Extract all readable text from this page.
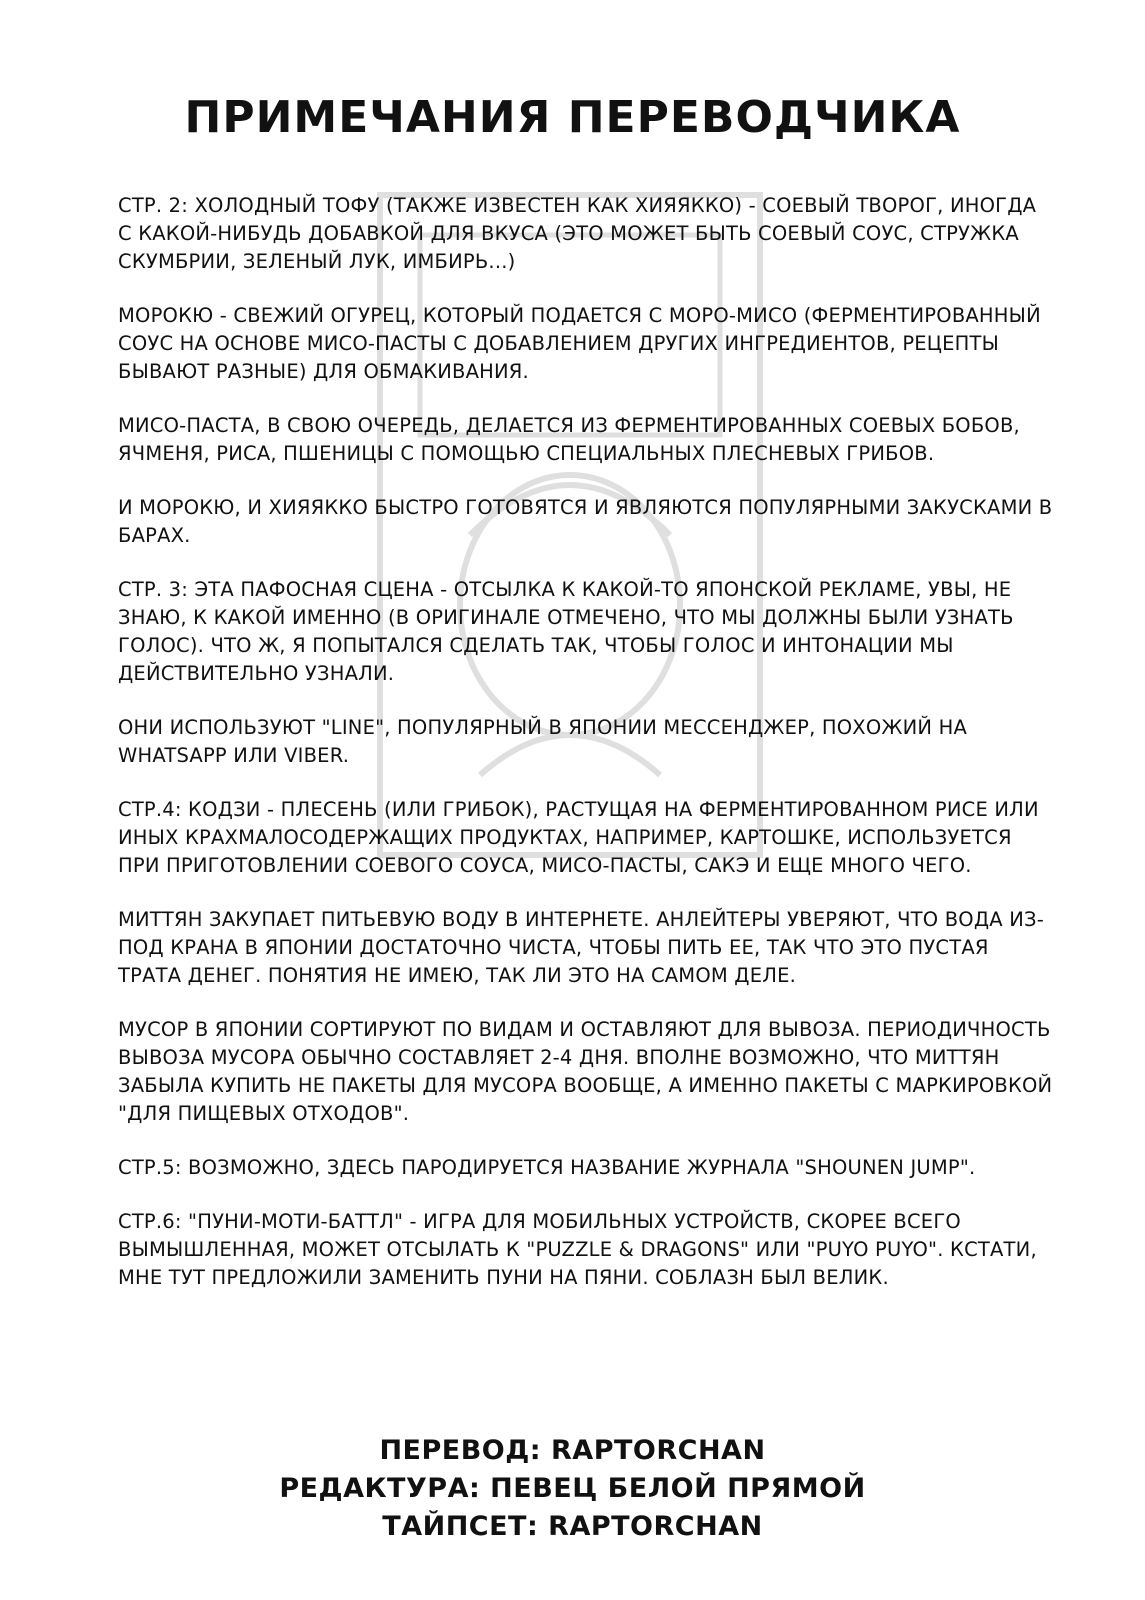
ПРИМЕЧАНИЯ ПЕРЕВОДЧИКА

СТР. 2: ХОЛОДНЫЙ ТОФУ (ТАКЖЕ ИЗВЕСТЕН КАК ХИЯЯККО) - СОЕВЫЙ ТВОРОГ, ИНОГДА С КАКОЙ-НИБУДЬ ДОБАВКОЙ ДЛЯ ВКУСА (ЭТО МОЖЕТ БЫТЬ СОЕВЫЙ СОУС, СТРУЖКА СКУМБРИИ, ЗЕЛЕНЫЙ ЛУК, ИМБИРЬ...)

МОРОКЮ - СВЕЖИЙ ОГУРЕЦ, КОТОРЫЙ ПОДАЕТСЯ С МОРО-МИСО (ФЕРМЕНТИРОВАННЫЙ СОУС НА ОСНОВЕ МИСО-ПАСТЫ С ДОБАВЛЕНИЕМ ДРУГИХ ИНГРЕДИЕНТОВ, РЕЦЕПТЫ БЫВАЮТ РАЗНЫЕ) ДЛЯ ОБМАКИВАНИЯ.

МИСО-ПАСТА, В СВОЮ ОЧЕРЕДЬ, ДЕЛАЕТСЯ ИЗ ФЕРМЕНТИРОВАННЫХ СОЕВЫХ БОБОВ, ЯЧМЕНЯ, РИСА, ПШЕНИЦЫ С ПОМОЩЬЮ СПЕЦИАЛЬНЫХ ПЛЕСНЕВЫХ ГРИБОВ.

И МОРОКЮ, И ХИЯЯККО БЫСТРО ГОТОВЯТСЯ И ЯВЛЯЮТСЯ ПОПУЛЯРНЫМИ ЗАКУСКАМИ В БАРАХ.

СТР. 3: ЭТА ПАФОСНАЯ СЦЕНА - ОТСЫЛКА К КАКОЙ-ТО ЯПОНСКОЙ РЕКЛАМЕ, УВЫ, НЕ ЗНАЮ, К КАКОЙ ИМЕННО (В ОРИГИНАЛЕ ОТМЕЧЕНО, ЧТО МЫ ДОЛЖНЫ БЫЛИ УЗНАТЬ ГОЛОС). ЧТО Ж, Я ПОПЫТАЛСЯ СДЕЛАТЬ ТАК, ЧТОБЫ ГОЛОС И ИНТОНАЦИИ МЫ ДЕЙСТВИТЕЛЬНО УЗНАЛИ.

ОНИ ИСПОЛЬЗУЮТ "LINE", ПОПУЛЯРНЫЙ В ЯПОНИИ МЕССЕНДЖЕР, ПОХОЖИЙ НА WHATSAPP ИЛИ VIBER.

СТР.4: КОДЗИ - ПЛЕСЕНЬ (ИЛИ ГРИБОК), РАСТУЩАЯ НА ФЕРМЕНТИРОВАННОМ РИСЕ ИЛИ ИНЫХ КРАХМАЛОСОДЕРЖАЩИХ ПРОДУКТАХ, НАПРИМЕР, КАРТОШКЕ, ИСПОЛЬЗУЕТСЯ ПРИ ПРИГОТОВЛЕНИИ СОЕВОГО СОУСА, МИСО-ПАСТЫ, САКЭ И ЕЩЕ МНОГО ЧЕГО.

МИТТЯН ЗАКУПАЕТ ПИТЬЕВУЮ ВОДУ В ИНТЕРНЕТЕ. АНЛЕЙТЕРЫ УВЕРЯЮТ, ЧТО ВОДА ИЗ-ПОД КРАНА В ЯПОНИИ ДОСТАТОЧНО ЧИСТА, ЧТОБЫ ПИТЬ ЕЕ, ТАК ЧТО ЭТО ПУСТАЯ ТРАТА ДЕНЕГ. ПОНЯТИЯ НЕ ИМЕЮ, ТАК ЛИ ЭТО НА САМОМ ДЕЛЕ.

МУСОР В ЯПОНИИ СОРТИРУЮТ ПО ВИДАМ И ОСТАВЛЯЮТ ДЛЯ ВЫВОЗА. ПЕРИОДИЧНОСТЬ ВЫВОЗА МУСОРА ОБЫЧНО СОСТАВЛЯЕТ 2-4 ДНЯ. ВПОЛНЕ ВОЗМОЖНО, ЧТО МИТТЯН ЗАБЫЛА КУПИТЬ НЕ ПАКЕТЫ ДЛЯ МУСОРА ВООБЩЕ, А ИМЕННО ПАКЕТЫ С МАРКИРОВКОЙ "ДЛЯ ПИЩЕВЫХ ОТХОДОВ".

СТР.5: ВОЗМОЖНО, ЗДЕСЬ ПАРОДИРУЕТСЯ НАЗВАНИЕ ЖУРНАЛА "SHOUNEN JUMP".

СТР.6: "ПУНИ-МОТИ-БАТТЛ" - ИГРА ДЛЯ МОБИЛЬНЫХ УСТРОЙСТВ, СКОРЕЕ ВСЕГО ВЫМЫШЛЕННАЯ, МОЖЕТ ОТСЫЛАТЬ К "PUZZLE & DRAGONS" ИЛИ "PUYO PUYO". КСТАТИ, МНЕ ТУТ ПРЕДЛОЖИЛИ ЗАМЕНИТЬ ПУНИ НА ПЯНИ. СОБЛАЗН БЫЛ ВЕЛИК.

ПЕРЕВОД: RAPTORCHAN
РЕДАКТУРА: ПЕВЕЦ БЕЛОЙ ПРЯМОЙ
ТАЙПСЕТ: RAPTORCHAN
